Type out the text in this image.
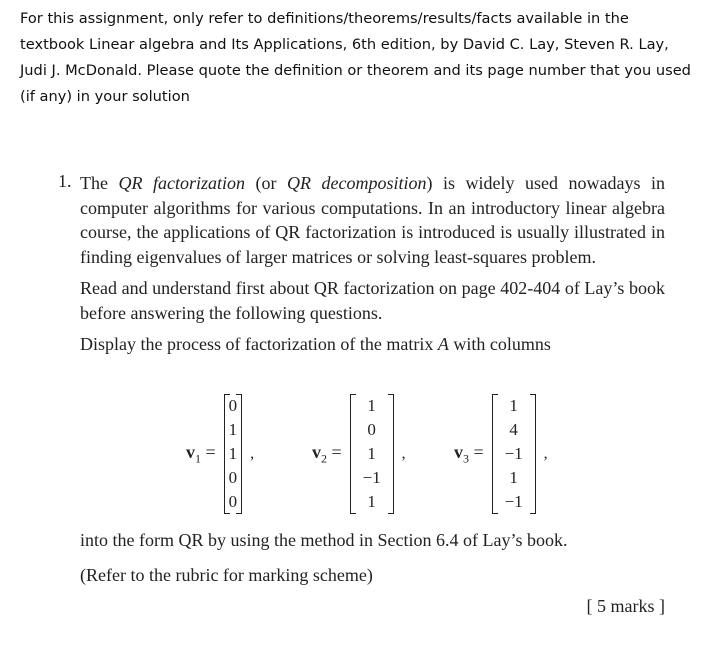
For this assignment, only refer to definitions/theorems/results/facts available in the textbook Linear algebra and Its Applications, 6th edition, by David C. Lay, Steven R. Lay, Judi J. McDonald. Please quote the definition or theorem and its page number that you used (if any) in your solution
1. The QR factorization (or QR decomposition) is widely used nowadays in computer algorithms for various computations. In an introductory linear algebra course, the applications of QR factorization is introduced is usually illustrated in finding eigenvalues of larger matrices or solving least-squares problem.

Read and understand first about QR factorization on page 402-404 of Lay’s book before answering the following questions.

Display the process of factorization of the matrix A with columns

$v_1$ =
0
1
1
0
0
,	$v_2$ =
1
0
1
−1
1
,	$v_3$ =
1
4
−1
1
−1
,
into the form QR by using the method in Section 6.4 of Lay’s book.
(Refer to the rubric for marking scheme)
[ 5 marks ]
